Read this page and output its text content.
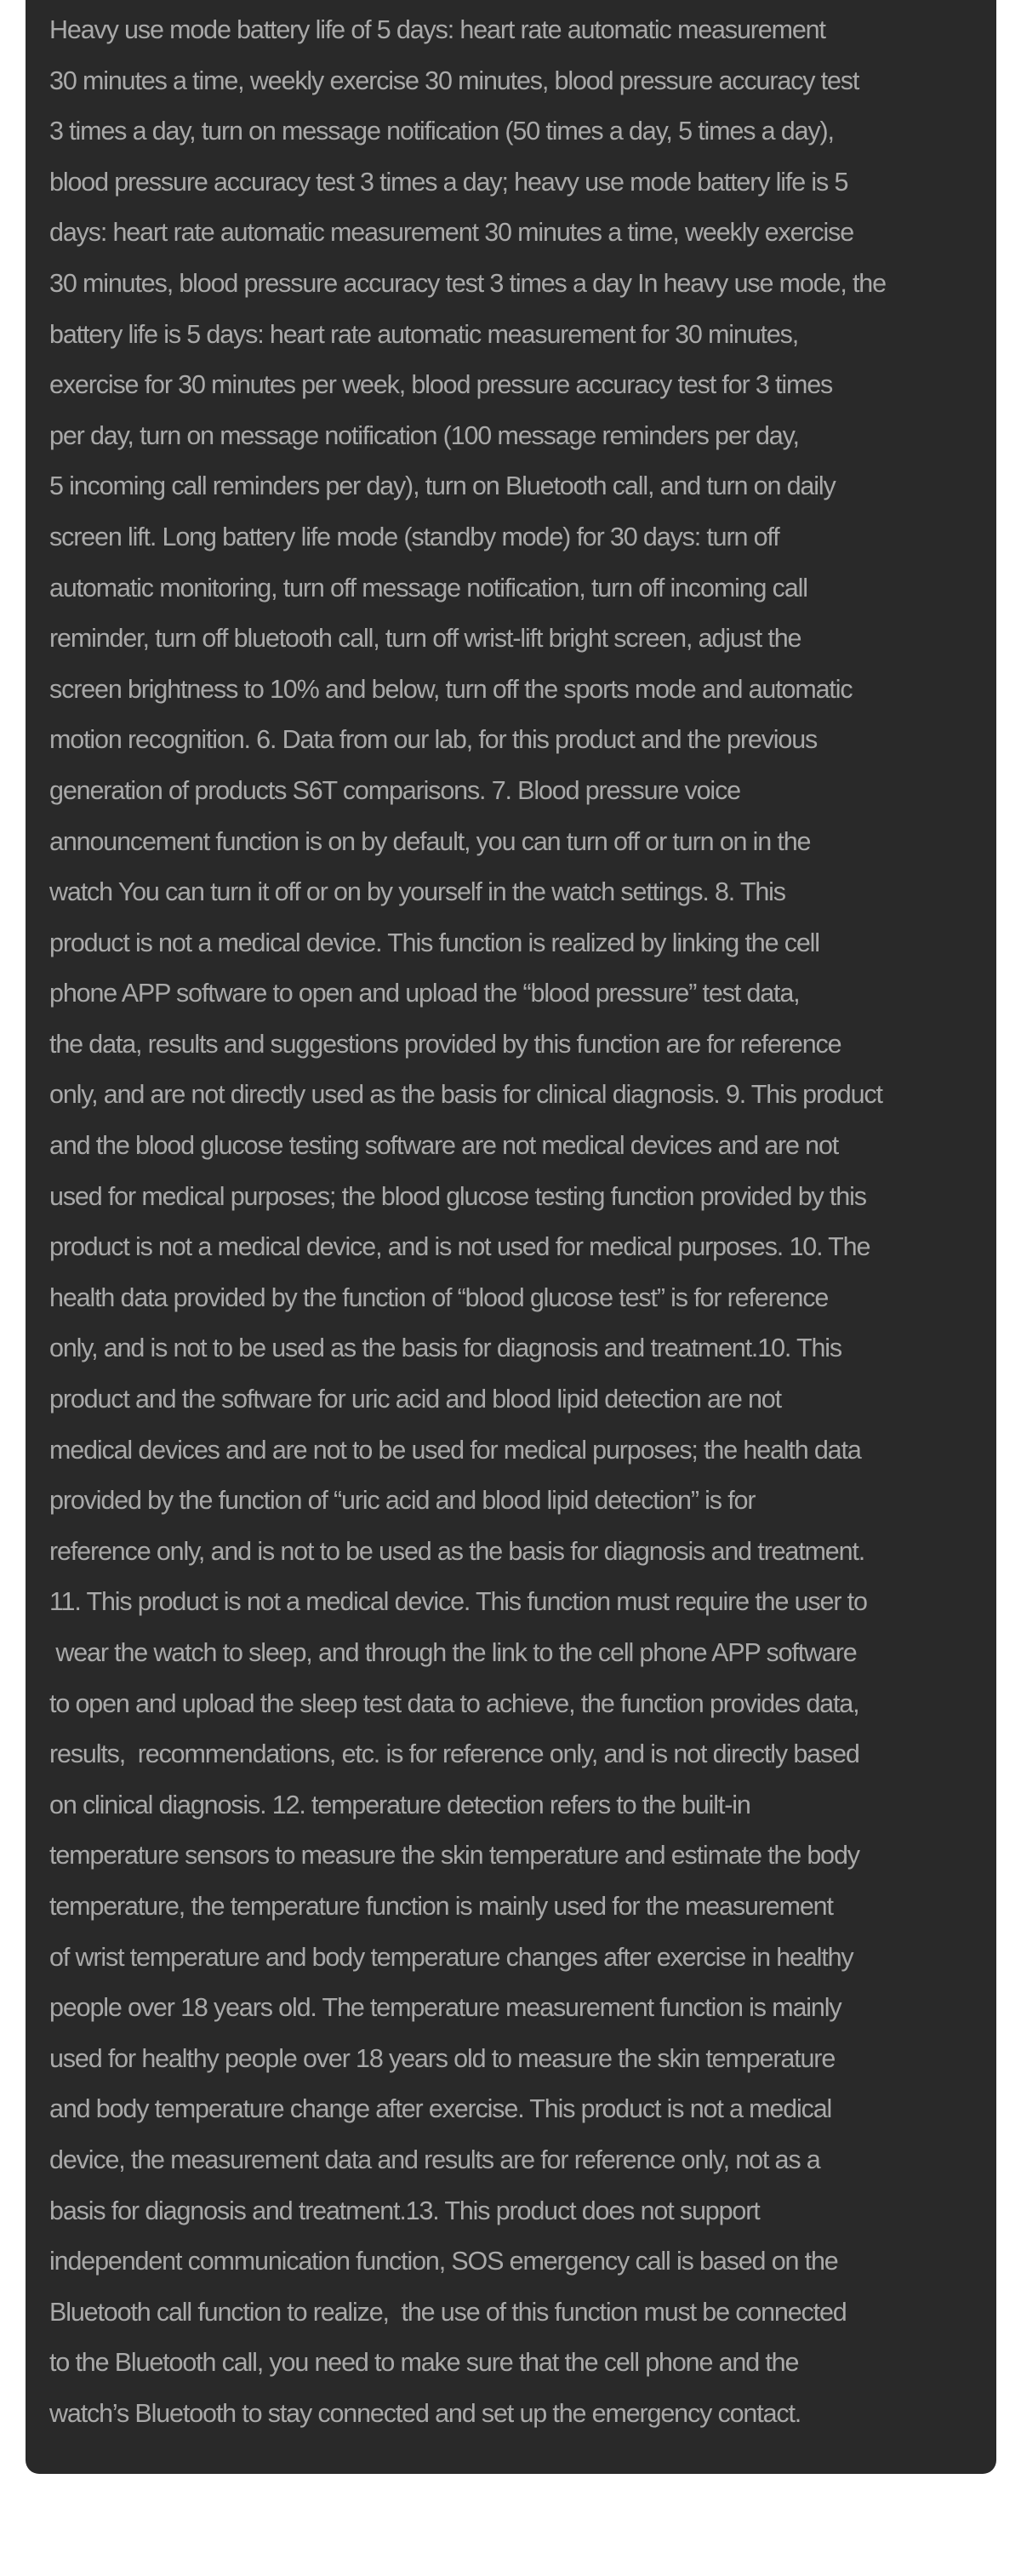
Heavy use mode battery life of 5 days: heart rate automatic measurement
30 minutes a time, weekly exercise 30 minutes, blood pressure accuracy test
3 times a day, turn on message notification (50 times a day, 5 times a day),
blood pressure accuracy test 3 times a day; heavy use mode battery life is 5
days: heart rate automatic measurement 30 minutes a time, weekly exercise
30 minutes, blood pressure accuracy test 3 times a day In heavy use mode, the
battery life is 5 days: heart rate automatic measurement for 30 minutes,
exercise for 30 minutes per week, blood pressure accuracy test for 3 times
per day, turn on message notification (100 message reminders per day,
5 incoming call reminders per day), turn on Bluetooth call, and turn on daily
screen lift. Long battery life mode (standby mode) for 30 days: turn off
automatic monitoring, turn off message notification, turn off incoming call
reminder, turn off bluetooth call, turn off wrist-lift bright screen, adjust the
screen brightness to 10% and below, turn off the sports mode and automatic
motion recognition. 6. Data from our lab, for this product and the previous
generation of products S6T comparisons. 7. Blood pressure voice
announcement function is on by default, you can turn off or turn on in the
watch You can turn it off or on by yourself in the watch settings. 8. This
product is not a medical device. This function is realized by linking the cell
phone APP software to open and upload the “blood pressure” test data,
the data, results and suggestions provided by this function are for reference
only, and are not directly used as the basis for clinical diagnosis. 9. This product
and the blood glucose testing software are not medical devices and are not
used for medical purposes; the blood glucose testing function provided by this
product is not a medical device, and is not used for medical purposes. 10. The
health data provided by the function of “blood glucose test” is for reference
only, and is not to be used as the basis for diagnosis and treatment.10. This
product and the software for uric acid and blood lipid detection are not
medical devices and are not to be used for medical purposes; the health data
provided by the function of “uric acid and blood lipid detection” is for
reference only, and is not to be used as the basis for diagnosis and treatment.
11. This product is not a medical device. This function must require the user to
wear the watch to sleep, and through the link to the cell phone APP software
to open and upload the sleep test data to achieve, the function provides data,
results,  recommendations, etc. is for reference only, and is not directly based
on clinical diagnosis. 12. temperature detection refers to the built-in
temperature sensors to measure the skin temperature and estimate the body
temperature, the temperature function is mainly used for the measurement
of wrist temperature and body temperature changes after exercise in healthy
people over 18 years old. The temperature measurement function is mainly
used for healthy people over 18 years old to measure the skin temperature
and body temperature change after exercise. This product is not a medical
device, the measurement data and results are for reference only, not as a
basis for diagnosis and treatment.13. This product does not support
independent communication function, SOS emergency call is based on the
Bluetooth call function to realize,  the use of this function must be connected
to the Bluetooth call, you need to make sure that the cell phone and the
watch’s Bluetooth to stay connected and set up the emergency contact.
